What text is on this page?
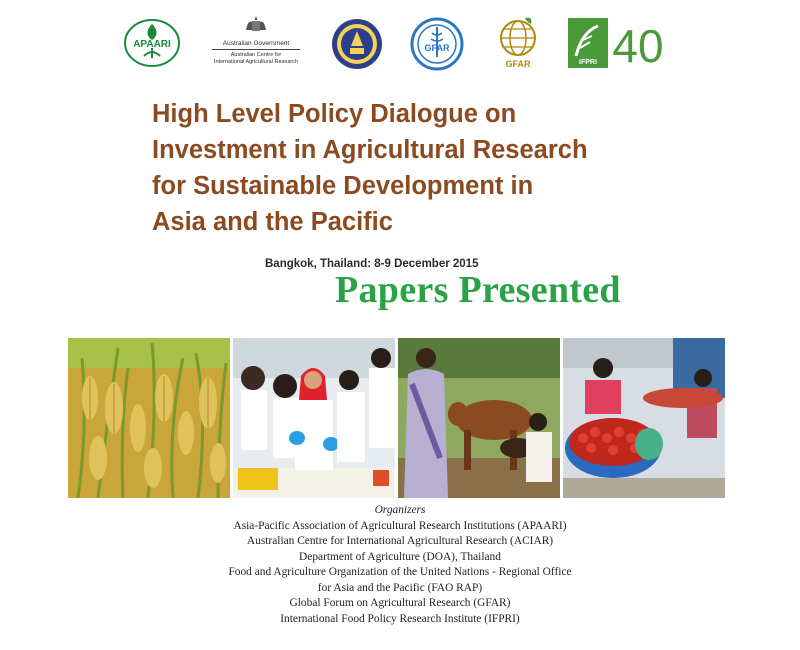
APAARI	Australian Government
Australian Centre for
International Agricultural Research
GFAR
GFAR	IFPRI 40
High Level Policy Dialogue on
Investment in Agricultural Research
for Sustainable Development in
Asia and the Pacific
Bangkok, Thailand: 8-9 December 2015
Papers Presented
Organizers
Asia-Pacific Association of Agricultural Research Institutions (APAARI)
Australian Centre for International Agricultural Research (ACIAR)
Department of Agriculture (DOA), Thailand
Food and Agriculture Organization of the United Nations - Regional Office
for Asia and the Pacific (FAO RAP)
Global Forum on Agricultural Research (GFAR)
International Food Policy Research Institute (IFPRI)
